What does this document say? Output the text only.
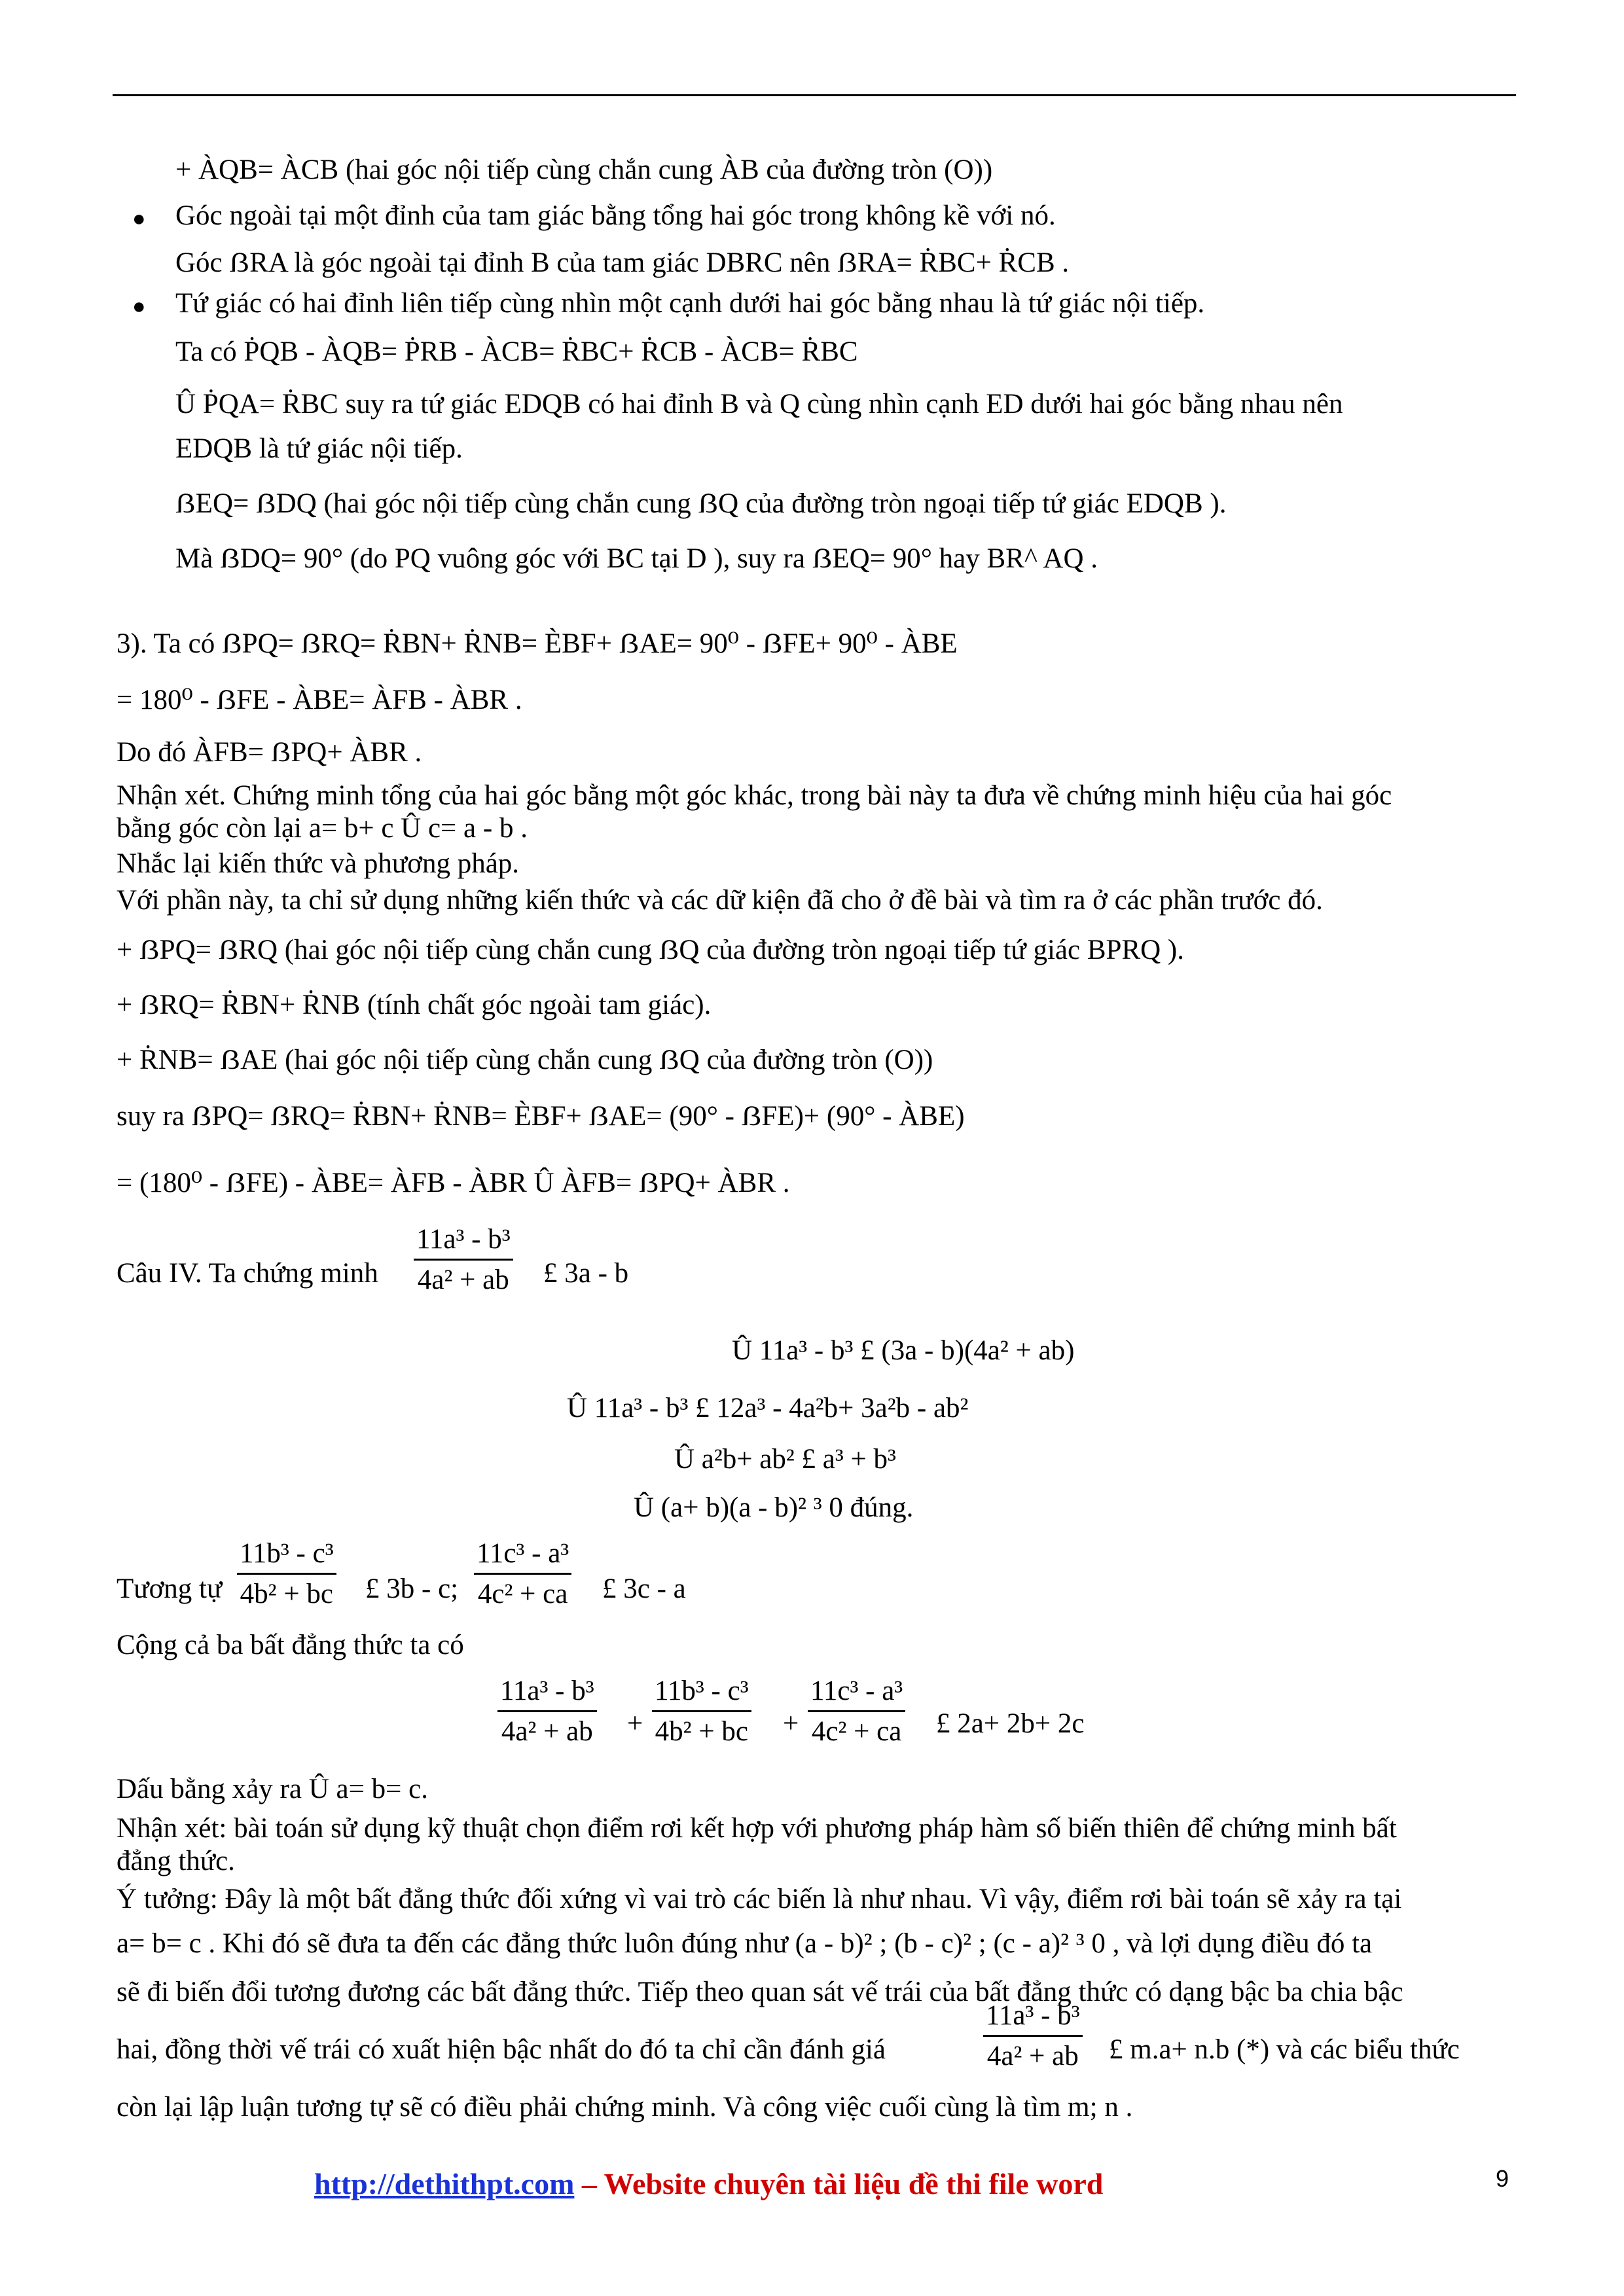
+ ÀQB= ÀCB (hai góc nội tiếp cùng chắn cung ÀB của đường tròn (O))
● Góc ngoài tại một đỉnh của tam giác bằng tổng hai góc trong không kề với nó.
Góc ẞRA là góc ngoài tại đỉnh B của tam giác DBRC nên ẞRA= ṘBC+ ṘCB .
● Tứ giác có hai đỉnh liên tiếp cùng nhìn một cạnh dưới hai góc bằng nhau là tứ giác nội tiếp.
Ta có ṖQB - ÀQB= ṖRB - ÀCB= ṘBC+ ṘCB - ÀCB= ṘBC
Û ṖQA= ṘBC suy ra tứ giác EDQB có hai đỉnh B và Q cùng nhìn cạnh ED dưới hai góc bằng nhau nên
EDQB là tứ giác nội tiếp.
ẞEQ= ẞDQ (hai góc nội tiếp cùng chắn cung ẞQ của đường tròn ngoại tiếp tứ giác EDQB ).
Mà ẞDQ= 90° (do PQ vuông góc với BC tại D ), suy ra ẞEQ= 90° hay BR^ AQ .
3). Ta có ẞPQ= ẞRQ= ṘBN+ ṘNB= ÈBF+ ẞAE= 90⁰ - ẞFE+ 90⁰ - ÀBE
= 180⁰ - ẞFE - ÀBE= ÀFB - ÀBR .
Do đó ÀFB= ẞPQ+ ÀBR .
Nhận xét. Chứng minh tổng của hai góc bằng một góc khác, trong bài này ta đưa về chứng minh hiệu của hai góc
bằng góc còn lại a= b+ c Û c= a - b .
Nhắc lại kiến thức và phương pháp.
Với phần này, ta chỉ sử dụng những kiến thức và các dữ kiện đã cho ở đề bài và tìm ra ở các phần trước đó.
+ ẞPQ= ẞRQ (hai góc nội tiếp cùng chắn cung ẞQ của đường tròn ngoại tiếp tứ giác BPRQ ).
+ ẞRQ= ṘBN+ ṘNB (tính chất góc ngoài tam giác).
+ ṘNB= ẞAE (hai góc nội tiếp cùng chắn cung ẞQ của đường tròn (O))
suy ra ẞPQ= ẞRQ= ṘBN+ ṘNB= ÈBF+ ẞAE= (90° - ẞFE)+ (90° - ÀBE)
= (180⁰ - ẞFE) - ÀBE= ÀFB - ÀBR Û ÀFB= ẞPQ+ ÀBR .
Câu IV. Ta chứng minh
11a³ - b³
4a² + ab £ 3a - b
Û 11a³ - b³ £ (3a - b)(4a² + ab)
Û 11a³ - b³ £ 12a³ - 4a²b+ 3a²b - ab²
Û a²b+ ab² £ a³ + b³
Û (a+ b)(a - b)² ³ 0 đúng.
Tương tự
11b³ - c³
4b² + bc £ 3b - c;
11c³ - a³
4c² + ca £ 3c - a
Cộng cả ba bất đẳng thức ta có
11a³ - b³
4a² + ab +
11b³ - c³
4b² + bc +
11c³ - a³
4c² + ca £ 2a+ 2b+ 2c
Dấu bằng xảy ra Û a= b= c.
Nhận xét: bài toán sử dụng kỹ thuật chọn điểm rơi kết hợp với phương pháp hàm số biến thiên để chứng minh bất
đẳng thức.
Ý tưởng: Đây là một bất đẳng thức đối xứng vì vai trò các biến là như nhau. Vì vậy, điểm rơi bài toán sẽ xảy ra tại
a= b= c . Khi đó sẽ đưa ta đến các đẳng thức luôn đúng như (a - b)² ; (b - c)² ; (c - a)² ³ 0 , và lợi dụng điều đó ta
sẽ đi biến đổi tương đương các bất đẳng thức. Tiếp theo quan sát vế trái của bất đẳng thức có dạng bậc ba chia bậc
hai, đồng thời vế trái có xuất hiện bậc nhất do đó ta chỉ cần đánh giá
11a³ - b³
4a² + ab £ m.a+ n.b (*) và các biểu thức
còn lại lập luận tương tự sẽ có điều phải chứng minh. Và công việc cuối cùng là tìm m; n .
http://dethithpt.com – Website chuyên tài liệu đề thi file word	9
